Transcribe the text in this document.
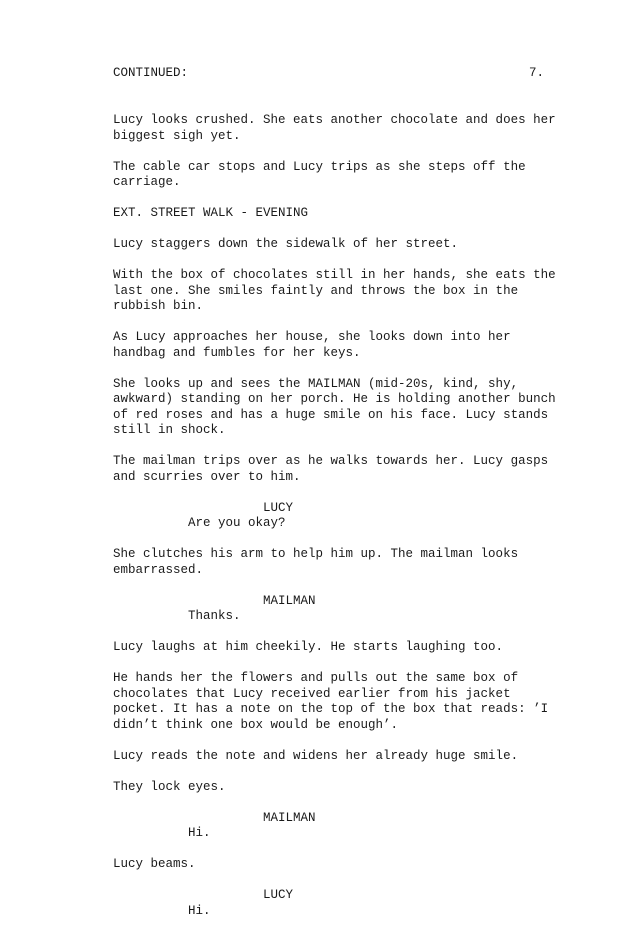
CONTINUED:	7.

Lucy looks crushed. She eats another chocolate and does her biggest sigh yet.

The cable car stops and Lucy trips as she steps off the carriage.

EXT. STREET WALK - EVENING

Lucy staggers down the sidewalk of her street.

With the box of chocolates still in her hands, she eats the last one. She smiles faintly and throws the box in the rubbish bin.

As Lucy approaches her house, she looks down into her handbag and fumbles for her keys.

She looks up and sees the MAILMAN (mid-20s, kind, shy, awkward) standing on her porch. He is holding another bunch of red roses and has a huge smile on his face. Lucy stands still in shock.

The mailman trips over as he walks towards her. Lucy gasps and scurries over to him.

LUCY

Are you okay?

She clutches his arm to help him up. The mailman looks embarrassed.

MAILMAN

Thanks.

Lucy laughs at him cheekily. He starts laughing too.

He hands her the flowers and pulls out the same box of chocolates that Lucy received earlier from his jacket pocket. It has a note on the top of the box that reads: ’I didn’t think one box would be enough’.

Lucy reads the note and widens her already huge smile.

They lock eyes.

MAILMAN

Hi.

Lucy beams.

LUCY

Hi.
